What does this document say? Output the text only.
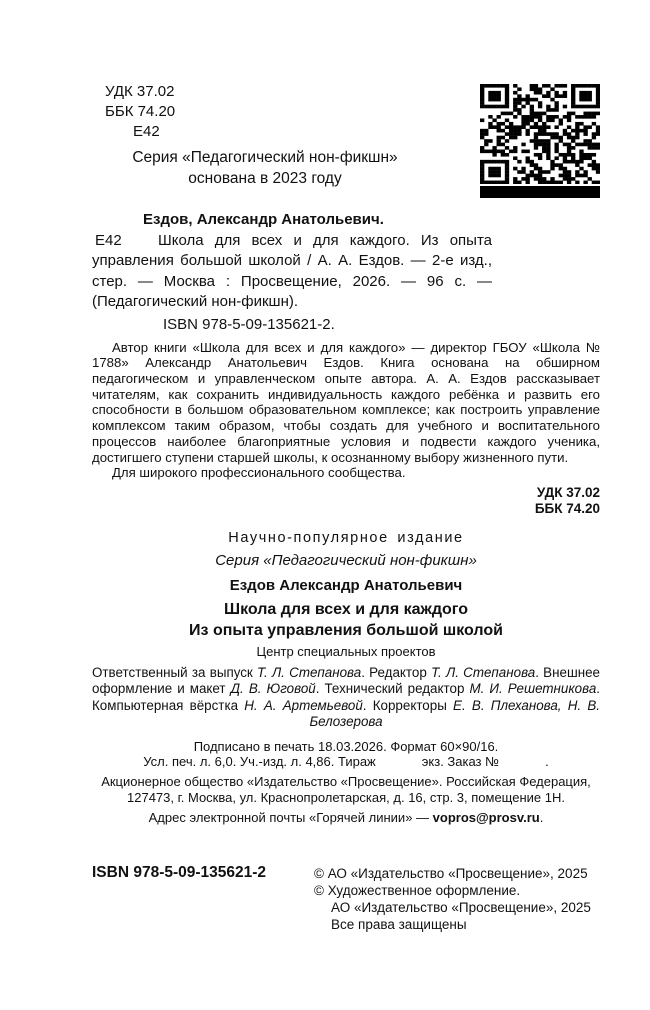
УДК 37.02
ББК 74.20
Е42
Серия «Педагогический нон-фикшн»
основана в 2023 году
Ездов, Александр Анатольевич.
Е42	Школа для всех и для каждого. Из опыта управления большой школой / А. А. Ездов. — 2-е изд., стер. — Москва : Просвещение, 2026. — 96 с. — (Педагогический нон-фикшн).

ISBN 978-5-09-135621-2.

Автор книги «Школа для всех и для каждого» — директор ГБОУ «Школа № 1788» Александр Анатольевич Ездов. Книга основана на обширном педагогическом и управленческом опыте автора. А. А. Ездов рассказывает читателям, как сохранить индивидуальность каждого ребёнка и развить его способности в большом образовательном комплексе; как построить управление комплексом таким образом, чтобы создать для учебного и воспитательного процессов наиболее благоприятные условия и подвести каждого ученика, достигшего ступени старшей школы, к осознанному выбору жизненного пути.

Для широкого профессионального сообщества.

УДК 37.02
ББК 74.20
Научно-популярное издание
Серия «Педагогический нон-фикшн»
Ездов Александр Анатольевич
Школа для всех и для каждого
Из опыта управления большой школой
Центр специальных проектов

Ответственный за выпуск Т. Л. Степанова. Редактор Т. Л. Степанова. Внешнее оформление и макет Д. В. Юговой. Технический редактор М. И. Решетникова. Компьютерная вёрстка Н. А. Артемьевой. Корректоры Е. В. Плеханова, Н. В. Белозерова

Подписано в печать 18.03.2026. Формат 60×90/16.
Усл. печ. л. 6,0. Уч.-изд. л. 4,86. Тираж	экз. Заказ №	.
Акционерное общество «Издательство «Просвещение». Российская Федерация,
127473, г. Москва, ул. Краснопролетарская, д. 16, стр. 3, помещение 1Н.
Адрес электронной почты «Горячей линии» — vopros@prosv.ru.
ISBN 978-5-09-135621-2	© АО «Издательство «Просвещение», 2025
© Художественное оформление.
АО «Издательство «Просвещение», 2025
Все права защищены
